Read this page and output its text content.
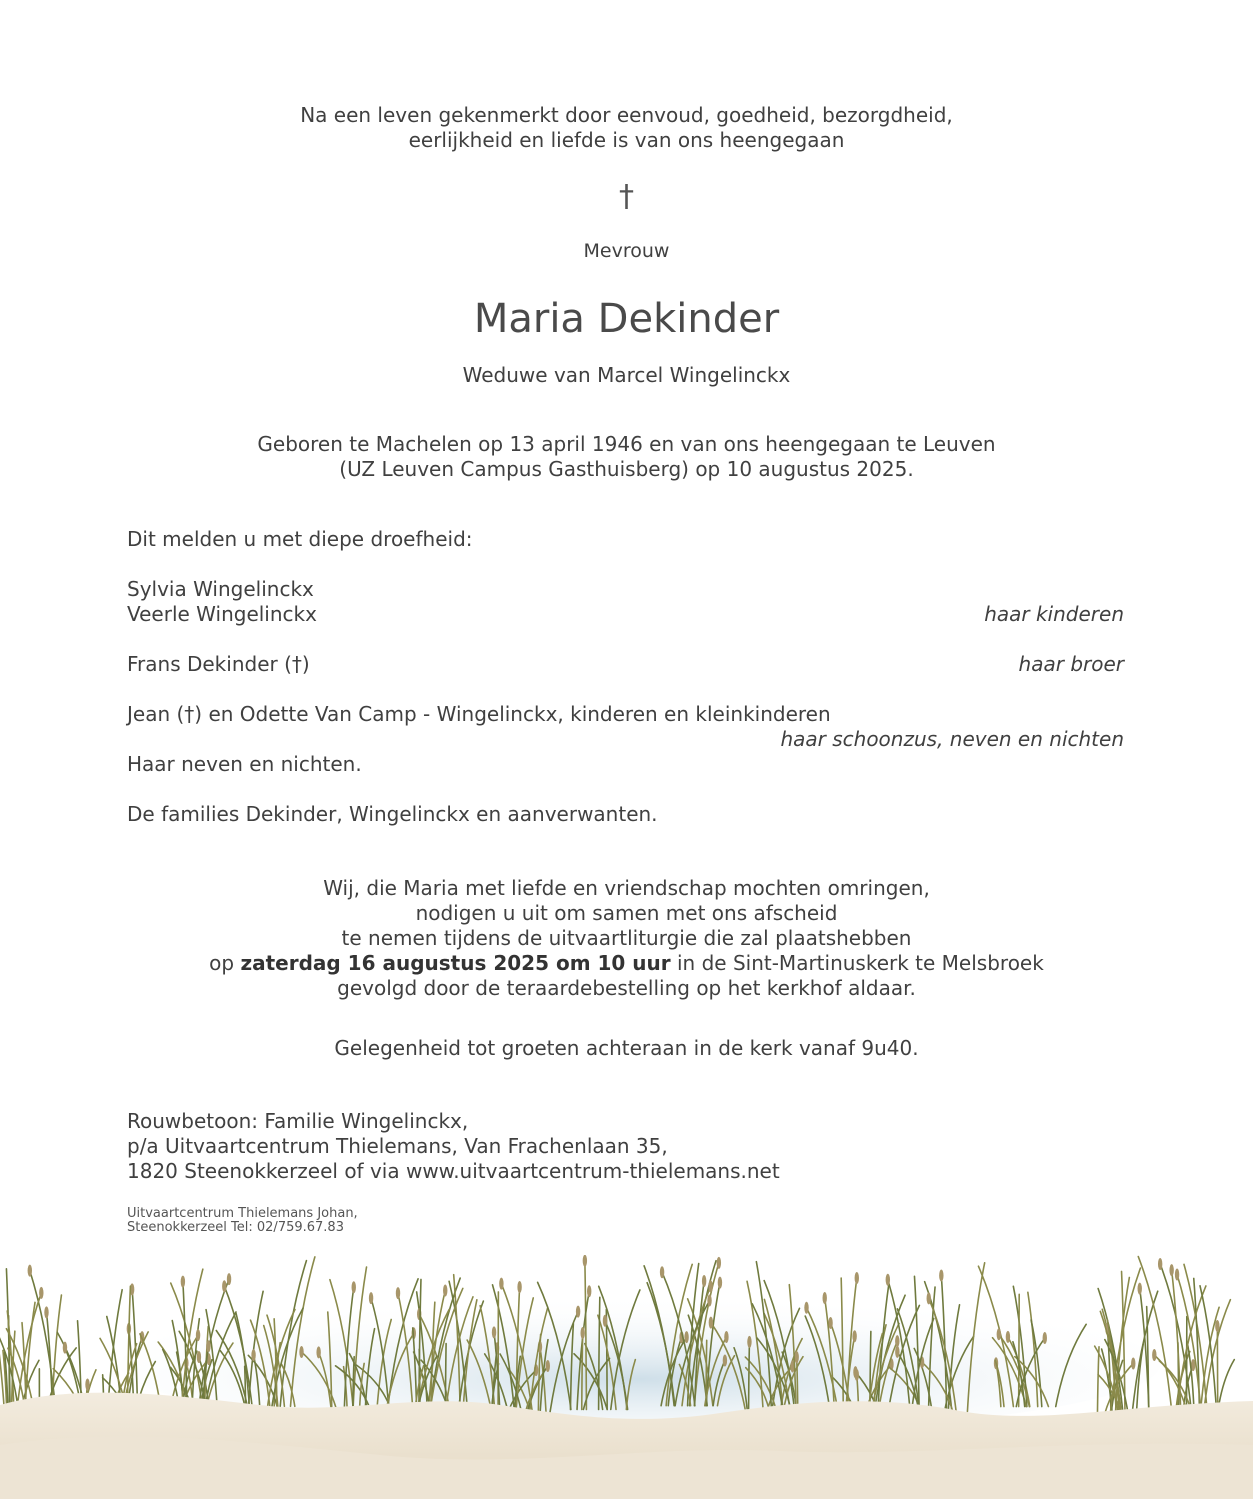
Na een leven gekenmerkt door eenvoud, goedheid, bezorgdheid,
eerlijkheid en liefde is van ons heengegaan
†
Mevrouw
Maria Dekinder
Weduwe van Marcel Wingelinckx
Geboren te Machelen op 13 april 1946 en van ons heengegaan te Leuven
(UZ Leuven Campus Gasthuisberg) op 10 augustus 2025.
Dit melden u met diepe droefheid:
Sylvia Wingelinckx
Veerle Wingelinckx	haar kinderen
Frans Dekinder (†)	haar broer
Jean (†) en Odette Van Camp - Wingelinckx, kinderen en kleinkinderen
haar schoonzus, neven en nichten
Haar neven en nichten.
De families Dekinder, Wingelinckx en aanverwanten.
Wij, die Maria met liefde en vriendschap mochten omringen,
nodigen u uit om samen met ons afscheid
te nemen tijdens de uitvaartliturgie die zal plaatshebben
op zaterdag 16 augustus 2025 om 10 uur in de Sint-Martinuskerk te Melsbroek
gevolgd door de teraardebestelling op het kerkhof aldaar.
Gelegenheid tot groeten achteraan in de kerk vanaf 9u40.
Rouwbetoon: Familie Wingelinckx,
p/a Uitvaartcentrum Thielemans, Van Frachenlaan 35,
1820 Steenokkerzeel of via www.uitvaartcentrum-thielemans.net
Uitvaartcentrum Thielemans Johan,
Steenokkerzeel Tel: 02/759.67.83
